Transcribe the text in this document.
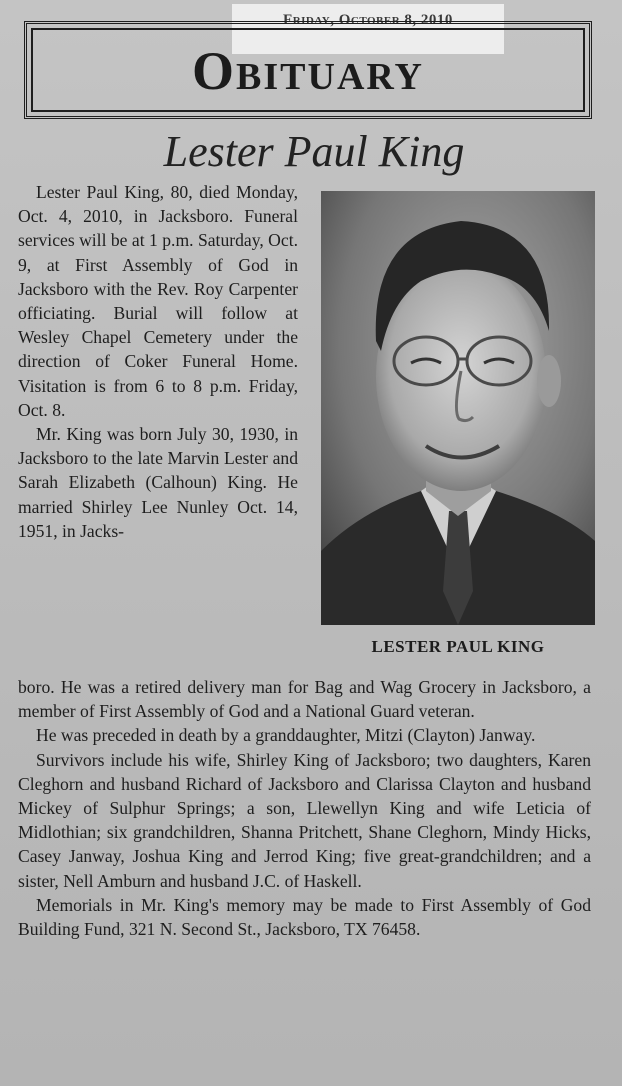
Friday, October 8, 2010
Obituary
Lester Paul King

Lester Paul King, 80, died Monday, Oct. 4, 2010, in Jacksboro. Funeral services will be at 1 p.m. Saturday, Oct. 9, at First Assembly of God in Jacksboro with the Rev. Roy Carpenter officiating. Burial will follow at Wesley Chapel Cemetery under the direction of Coker Funeral Home. Visitation is from 6 to 8 p.m. Friday, Oct. 8.

Mr. King was born July 30, 1930, in Jacksboro to the late Marvin Lester and Sarah Elizabeth (Calhoun) King. He married Shirley Lee Nunley Oct. 14, 1951, in Jacks-

LESTER PAUL KING

boro. He was a retired delivery man for Bag and Wag Grocery in Jacksboro, a member of First Assembly of God and a National Guard veteran.

He was preceded in death by a granddaughter, Mitzi (Clayton) Janway.

Survivors include his wife, Shirley King of Jacksboro; two daughters, Karen Cleghorn and husband Richard of Jacksboro and Clarissa Clayton and husband Mickey of Sulphur Springs; a son, Llewellyn King and wife Leticia of Midlothian; six grandchildren, Shanna Pritchett, Shane Cleghorn, Mindy Hicks, Casey Janway, Joshua King and Jerrod King; five great-grandchildren; and a sister, Nell Amburn and husband J.C. of Haskell.

Memorials in Mr. King's memory may be made to First Assembly of God Building Fund, 321 N. Second St., Jacksboro, TX 76458.
